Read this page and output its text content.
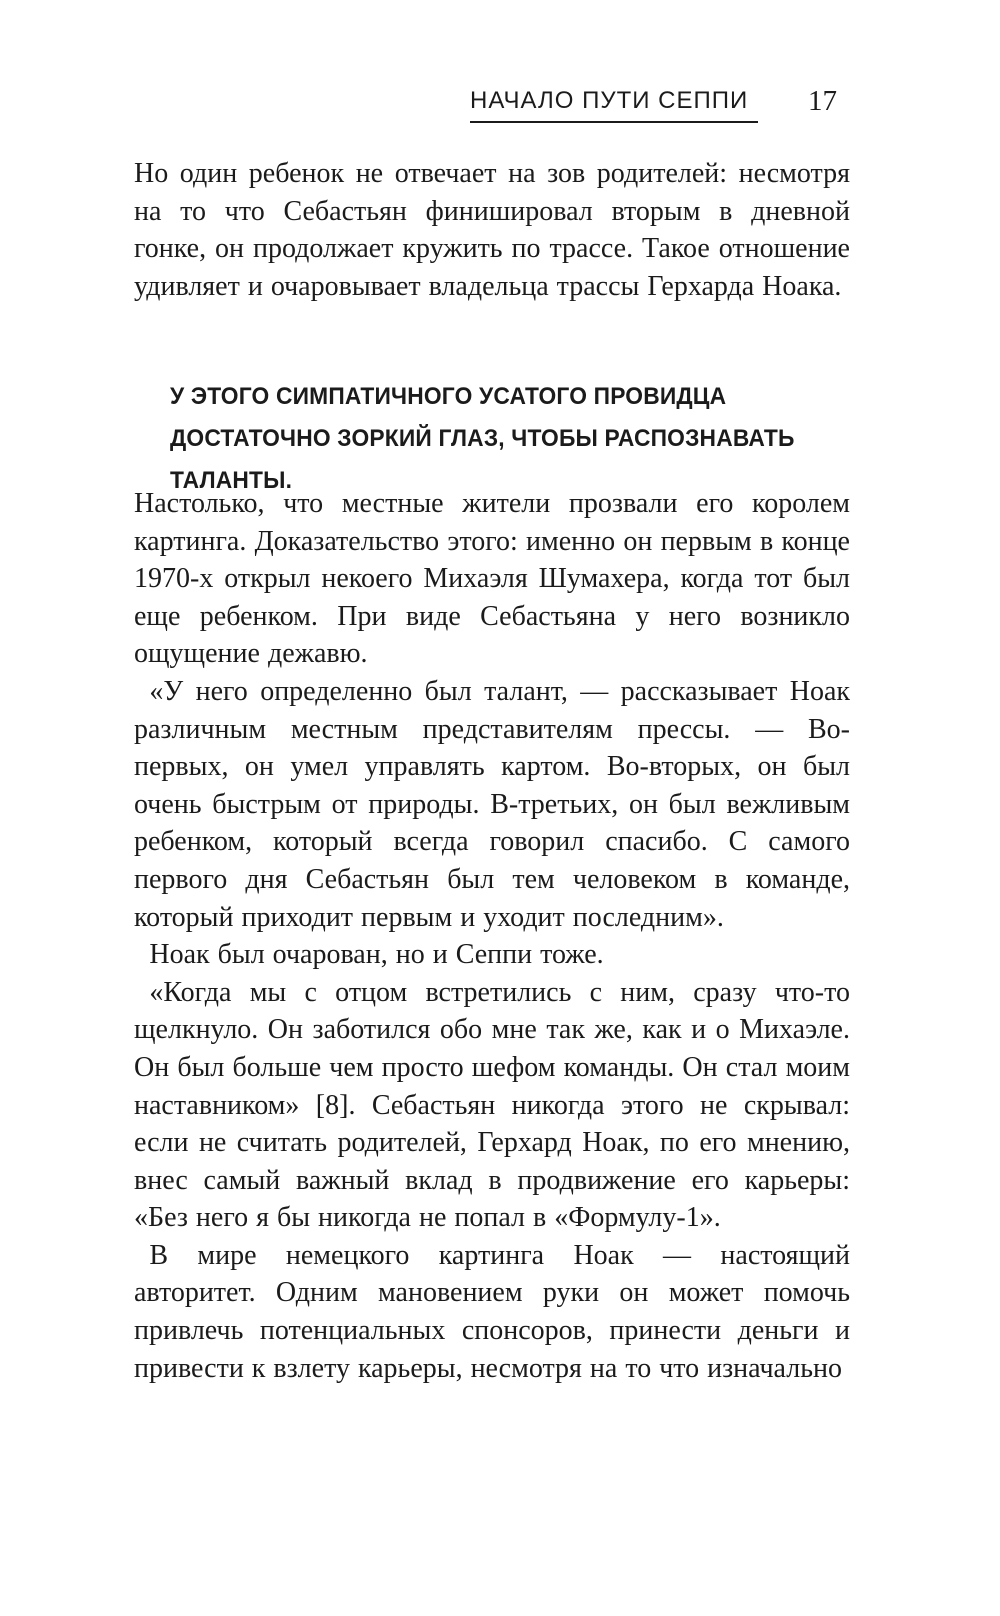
НАЧАЛО ПУТИ СЕППИ	17

Но один ребенок не отвечает на зов родителей: несмотря на то что Себастьян финишировал вторым в дневной гонке, он продолжает кружить по трассе. Такое отношение удивляет и очаровывает владельца трассы Герхарда Ноака.

У ЭТОГО СИМПАТИЧНОГО УСАТОГО ПРОВИДЦА ДОСТАТОЧНО ЗОРКИЙ ГЛАЗ, ЧТОБЫ РАСПОЗНАВАТЬ ТАЛАНТЫ.

Настолько, что местные жители прозвали его королем картинга. Доказательство этого: именно он первым в конце 1970-х открыл некоего Михаэля Шумахера, когда тот был еще ребенком. При виде Себастьяна у него возникло ощущение дежавю.

«У него определенно был талант, — рассказывает Ноак различным местным представителям прессы. — Во-первых, он умел управлять картом. Во-вторых, он был очень быстрым от природы. В-третьих, он был вежливым ребенком, который всегда говорил спасибо. С самого первого дня Себастьян был тем человеком в команде, который приходит первым и уходит последним».

Ноак был очарован, но и Сеппи тоже.

«Когда мы с отцом встретились с ним, сразу что-то щелкнуло. Он заботился обо мне так же, как и о Михаэле. Он был больше чем просто шефом команды. Он стал моим наставником» [8]. Себастьян никогда этого не скрывал: если не считать родителей, Герхард Ноак, по его мнению, внес самый важный вклад в продвижение его карьеры: «Без него я бы никогда не попал в «Формулу-1».

В мире немецкого картинга Ноак — настоящий авторитет. Одним мановением руки он может помочь привлечь потенциальных спонсоров, принести деньги и привести к взлету карьеры, несмотря на то что изначально
